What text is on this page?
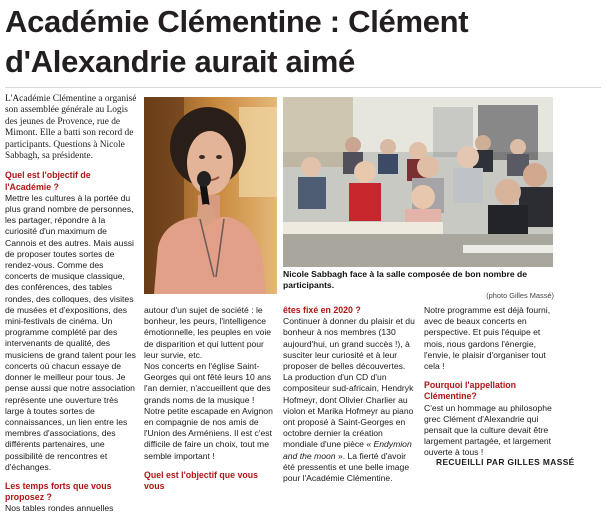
Académie Clémentine : Clément d'Alexandrie aurait aimé

L'Académie Clémentine a organisé son assemblée générale au Logis des jeunes de Provence, rue de Mimont. Elle a batti son record de participants. Questions à Nicole Sabbagh, sa présidente.

Quel est l'objectif de l'Académie ?

Mettre les cultures à la portée du plus grand nombre de personnes, les partager, répondre à la curiosité d'un maximum de Cannois et des autres. Mais aussi de proposer toutes sortes de rendez-vous. Comme des concerts de musique classique, des conférences, des tables rondes, des colloques, des visites de musées et d'expositions, des mini-festivals de cinéma. Un programme complété par des intervenants de qualité, des musiciens de grand talent pour les concerts où chacun essaye de donner le meilleur pour tous. Je pense aussi que notre association représente une ouverture très large à toutes sortes de connaissances, un lien entre les membres d'associations, des différents partenaires, une possibilité de rencontres et d'échanges.

Les temps forts que vous proposez ?

Nos tables rondes annuelles

Nicole Sabbagh face à la salle composée de bon nombre de participants.
(photo Gilles Massé)

autour d'un sujet de société : le bonheur, les peurs, l'intelligence émotionnelle, les peuples en voie de disparition et qui luttent pour leur survie, etc.

Nos concerts en l'église Saint-Georges qui ont fêté leurs 10 ans l'an dernier, n'accueillent que des grands noms de la musique ! Notre petite escapade en Avignon en compagnie de nos amis de l'Union des Arméniens. Il est c'est difficile de faire un choix, tout me semble important !

Quel est l'objectif que vous vous

êtes fixé en 2020 ?

Continuer à donner du plaisir et du bonheur à nos membres (130 aujourd'hui, un grand succès !), à susciter leur curiosité et à leur proposer de belles découvertes. La production d'un CD d'un compositeur sud-africain, Hendryk Hofmeyr, dont Olivier Charlier au violon et Marika Hofmeyr au piano ont proposé à Saint-Georges en octobre dernier la création mondiale d'une pièce « Endymion and the moon ». La fierté d'avoir été pressentis et une belle image pour l'Académie Clémentine.

Notre programme est déjà fourni, avec de beaux concerts en perspective. Et puis l'équipe et mois, nous gardons l'énergie, l'envie, le plaisir d'organiser tout cela !

Pourquoi l'appellation Clémentine?

C'est un hommage au philosophe grec Clément d'Alexandrie qui pensait que la culture devait être largement partagée, et largement ouverte à tous !

RECUEILLI PAR GILLES MASSÉ
